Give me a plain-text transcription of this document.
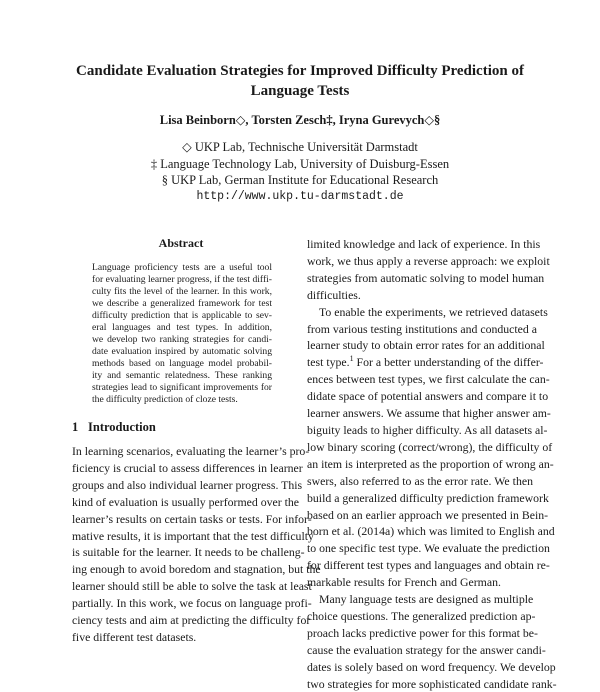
Candidate Evaluation Strategies for Improved Difficulty Prediction of
Language Tests
Lisa Beinborn◇, Torsten Zesch‡, Iryna Gurevych◇§
◇ UKP Lab, Technische Universität Darmstadt
‡ Language Technology Lab, University of Duisburg-Essen
§ UKP Lab, German Institute for Educational Research
http://www.ukp.tu-darmstadt.de
Abstract
Language proficiency tests are a useful tool
for evaluating learner progress, if the test diffi-
culty fits the level of the learner. In this work,
we describe a generalized framework for test
difficulty prediction that is applicable to sev-
eral languages and test types. In addition,
we develop two ranking strategies for candi-
date evaluation inspired by automatic solving
methods based on language model probabil-
ity and semantic relatedness. These ranking
strategies lead to significant improvements for
the difficulty prediction of cloze tests.
1 Introduction
In learning scenarios, evaluating the learner’s pro-
ficiency is crucial to assess differences in learner
groups and also individual learner progress. This
kind of evaluation is usually performed over the
learner’s results on certain tasks or tests. For infor-
mative results, it is important that the test difficulty
is suitable for the learner. It needs to be challeng-
ing enough to avoid boredom and stagnation, but the
learner should still be able to solve the task at least
partially. In this work, we focus on language profi-
ciency tests and aim at predicting the difficulty for
five different test datasets.
limited knowledge and lack of experience. In this
work, we thus apply a reverse approach: we exploit
strategies from automatic solving to model human
difficulties.
To enable the experiments, we retrieved datasets
from various testing institutions and conducted a
learner study to obtain error rates for an additional
test type.$^1$ For a better understanding of the differ-
ences between test types, we first calculate the can-
didate space of potential answers and compare it to
learner answers. We assume that higher answer am-
biguity leads to higher difficulty. As all datasets al-
low binary scoring (correct/wrong), the difficulty of
an item is interpreted as the proportion of wrong an-
swers, also referred to as the error rate. We then
build a generalized difficulty prediction framework
based on an earlier approach we presented in Bein-
born et al. (2014a) which was limited to English and
to one specific test type. We evaluate the prediction
for different test types and languages and obtain re-
markable results for French and German.
Many language tests are designed as multiple
choice questions. The generalized prediction ap-
proach lacks predictive power for this format be-
cause the evaluation strategy for the answer candi-
dates is solely based on word frequency. We develop
two strategies for more sophisticated candidate rank-
